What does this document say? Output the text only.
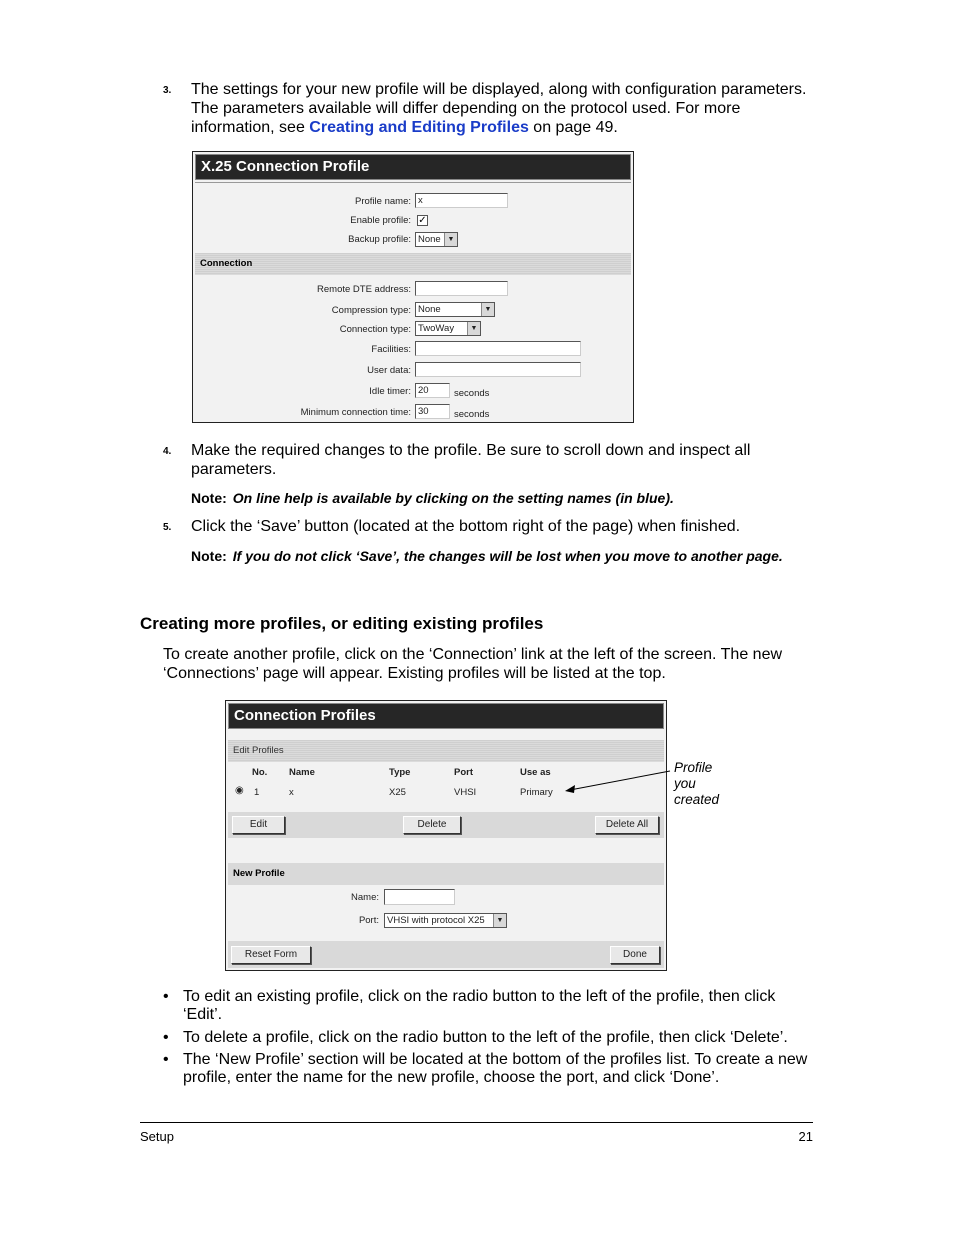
3. The settings for your new profile will be displayed, along with configuration parameters. The parameters available will differ depending on the protocol used. For more information, see Creating and Editing Profiles on page 49.
X.25 Connection Profile
Profile name: x
Enable profile: ✓
Backup profile: None ▼
Connection
Remote DTE address:
Compression type: None	▼
Connection type: TwoWay	▼
Facilities:
User data:
Idle timer: 20	seconds
Minimum connection time: 30	seconds
4. Make the required changes to the profile. Be sure to scroll down and inspect all parameters.
Note: On line help is available by clicking on the setting names (in blue).
5. Click the ‘Save’ button (located at the bottom right of the page) when finished.
Note: If you do not click ‘Save’, the changes will be lost when you move to another page.
Creating more profiles, or editing existing profiles
To create another profile, click on the ‘Connection’ link at the left of the screen. The new ‘Connections’ page will appear. Existing profiles will be listed at the top.
Connection Profiles
Edit Profiles
No. Name	Type	Port	Use as
◉ 1	x	X25	VHSI	Primary
Edit	Delete	Delete All
New Profile
Name:
Port: VHSI with protocol X25	▼
Reset Form	Done
Profile
you
created
• To edit an existing profile, click on the radio button to the left of the profile, then click ‘Edit’.
• To delete a profile, click on the radio button to the left of the profile, then click ‘Delete’.
• The ‘New Profile’ section will be located at the bottom of the profiles list. To create a new profile, enter the name for the new profile, choose the port, and click ‘Done’.
Setup	21
